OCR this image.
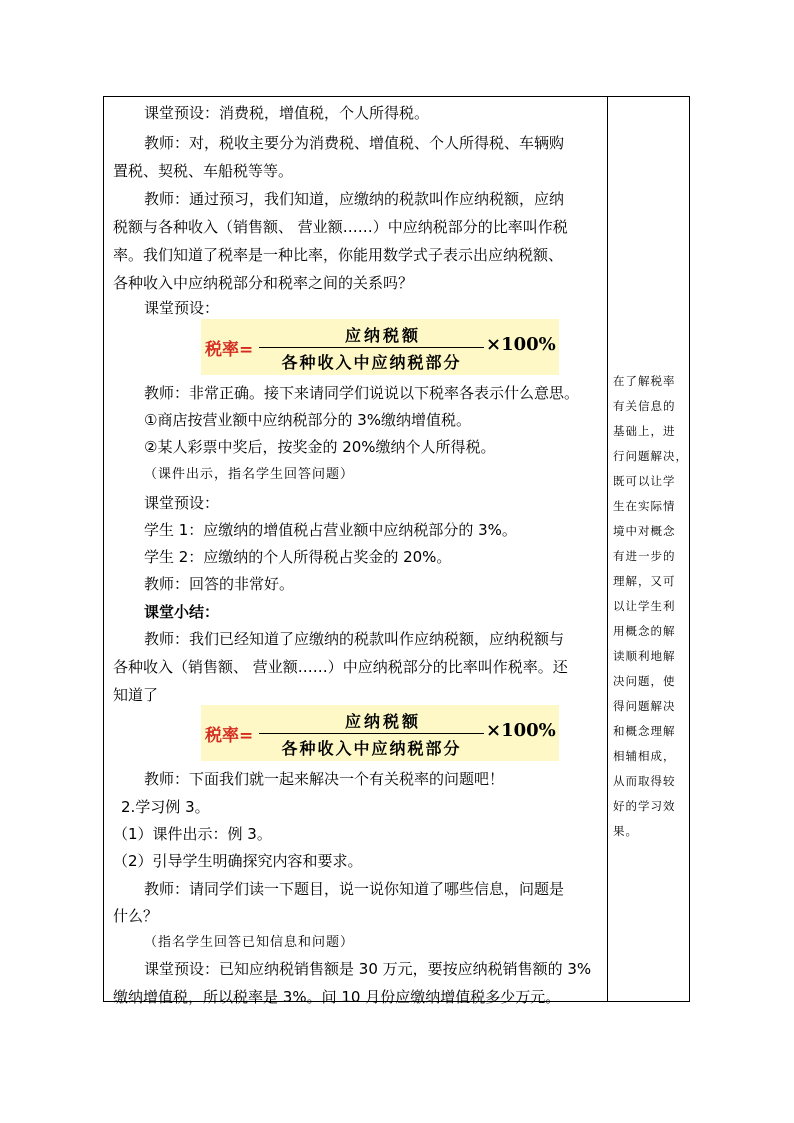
课堂预设：消费税，增值税，个人所得税。
教师：对，税收主要分为消费税、增值税、个人所得税、车辆购
置税、契税、车船税等等。
教师：通过预习，我们知道，应缴纳的税款叫作应纳税额，应纳
税额与各种收入（销售额、 营业额……）中应纳税部分的比率叫作税
率。我们知道了税率是一种比率，你能用数学式子表示出应纳税额、
各种收入中应纳税部分和税率之间的关系吗？
课堂预设：
税率=
应纳税额
各种收入中应纳税部分
×100%
教师：非常正确。接下来请同学们说说以下税率各表示什么意思。
①商店按营业额中应纳税部分的 3%缴纳增值税。
②某人彩票中奖后，按奖金的 20%缴纳个人所得税。
（课件出示，指名学生回答问题）
课堂预设：
学生 1：应缴纳的增值税占营业额中应纳税部分的 3%。
学生 2：应缴纳的个人所得税占奖金的 20%。
教师：回答的非常好。
课堂小结：
教师：我们已经知道了应缴纳的税款叫作应纳税额，应纳税额与
各种收入（销售额、 营业额……）中应纳税部分的比率叫作税率。还
知道了
税率=
应纳税额
各种收入中应纳税部分
×100%
教师：下面我们就一起来解决一个有关税率的问题吧！
2.学习例 3。
（1）课件出示：例 3。
（2）引导学生明确探究内容和要求。
教师：请同学们读一下题目，说一说你知道了哪些信息，问题是
什么？
（指名学生回答已知信息和问题）
课堂预设：已知应纳税销售额是 30 万元，要按应纳税销售额的 3%
缴纳增值税，所以税率是 3%。问 10 月份应缴纳增值税多少万元。
在了解税率
有关信息的
基础上，进
行问题解决，
既可以让学
生在实际情
境中对概念
有进一步的
理解，又可
以让学生利
用概念的解
读顺利地解
决问题，使
得问题解决
和概念理解
相辅相成，
从而取得较
好的学习效
果。
